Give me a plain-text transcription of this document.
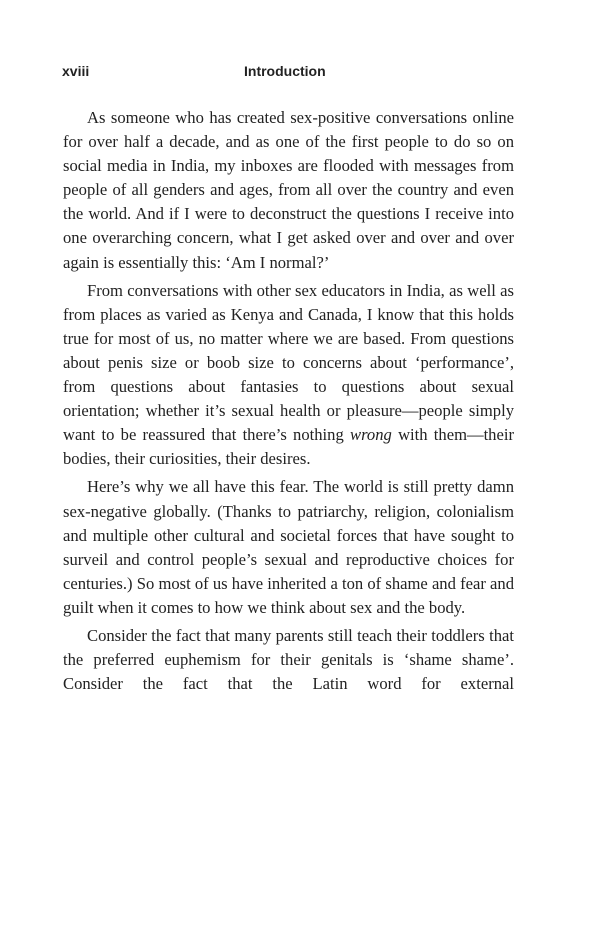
xviii	Introduction

As someone who has created sex-positive conversations online for over half a decade, and as one of the first people to do so on social media in India, my inboxes are flooded with messages from people of all genders and ages, from all over the country and even the world. And if I were to deconstruct the questions I receive into one overarching concern, what I get asked over and over and over again is essentially this: ‘Am I normal?’

From conversations with other sex educators in India, as well as from places as varied as Kenya and Canada, I know that this holds true for most of us, no matter where we are based. From questions about penis size or boob size to concerns about ‘performance’, from questions about fantasies to questions about sexual orientation; whether it’s sexual health or pleasure—people simply want to be reassured that there’s nothing wrong with them—their bodies, their curiosities, their desires.

Here’s why we all have this fear. The world is still pretty damn sex-negative globally. (Thanks to patriarchy, religion, colonialism and multiple other cultural and societal forces that have sought to surveil and control people’s sexual and reproductive choices for centuries.) So most of us have inherited a ton of shame and fear and guilt when it comes to how we think about sex and the body.

Consider the fact that many parents still teach their toddlers that the preferred euphemism for their genitals is ‘shame shame’. Consider the fact that the Latin word for external
